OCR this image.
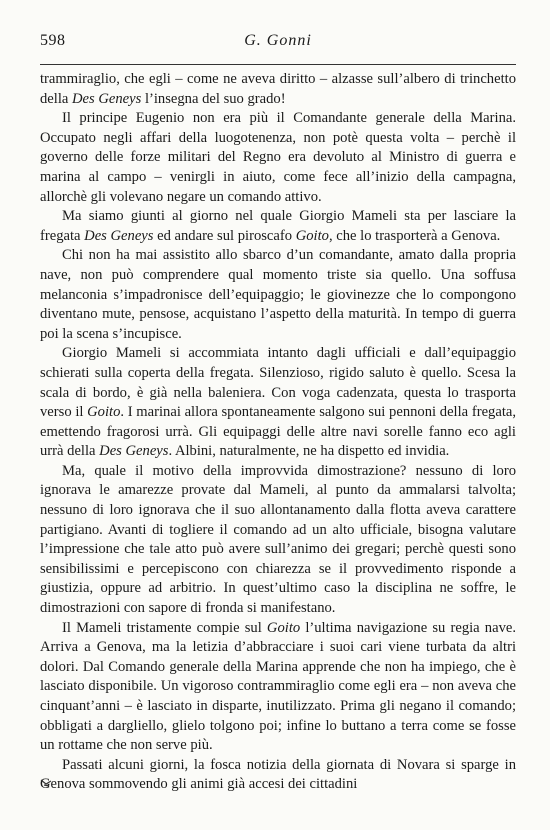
598	G. Gonni

trammiraglio, che egli – come ne aveva diritto – alzasse sull’albero di trinchetto della Des Geneys l’insegna del suo grado!

Il principe Eugenio non era più il Comandante generale della Marina. Occupato negli affari della luogotenenza, non potè questa volta – perchè il governo delle forze militari del Regno era devoluto al Ministro di guerra e marina al campo – venirgli in aiuto, come fece all’inizio della campagna, allorchè gli volevano negare un comando attivo.

Ma siamo giunti al giorno nel quale Giorgio Mameli sta per lasciare la fregata Des Geneys ed andare sul piroscafo Goito, che lo trasporterà a Genova.

Chi non ha mai assistito allo sbarco d’un comandante, amato dalla propria nave, non può comprendere qual momento triste sia quello. Una soffusa melanconia s’impadronisce dell’equipaggio; le giovinezze che lo compongono diventano mute, pensose, acquistano l’aspetto della maturità. In tempo di guerra poi la scena s’incupisce.

Giorgio Mameli si accommiata intanto dagli ufficiali e dall’equipaggio schierati sulla coperta della fregata. Silenzioso, rigido saluto è quello. Scesa la scala di bordo, è già nella baleniera. Con voga cadenzata, questa lo trasporta verso il Goito. I marinai allora spontaneamente salgono sui pennoni della fregata, emettendo fragorosi urrà. Gli equipaggi delle altre navi sorelle fanno eco agli urrà della Des Geneys. Albini, naturalmente, ne ha dispetto ed invidia.

Ma, quale il motivo della improvvida dimostrazione? nessuno di loro ignorava le amarezze provate dal Mameli, al punto da ammalarsi talvolta; nessuno di loro ignorava che il suo allontanamento dalla flotta aveva carattere partigiano. Avanti di togliere il comando ad un alto ufficiale, bisogna valutare l’impressione che tale atto può avere sull’animo dei gregari; perchè questi sono sensibilissimi e percepiscono con chiarezza se il provvedimento risponde a giustizia, oppure ad arbitrio. In quest’ultimo caso la disciplina ne soffre, le dimostrazioni con sapore di fronda si manifestano.

Il Mameli tristamente compie sul Goito l’ultima navigazione su regia nave. Arriva a Genova, ma la letizia d’abbracciare i suoi cari viene turbata da altri dolori. Dal Comando generale della Marina apprende che non ha impiego, che è lasciato disponibile. Un vigoroso contrammiraglio come egli era – non aveva che cinquant’anni – è lasciato in disparte, inutilizzato. Prima gli negano il comando; obbligati a dargliello, glielo tolgono poi; infine lo buttano a terra come se fosse un rottame che non serve più.

Passati alcuni giorni, la fosca notizia della giornata di Novara si sparge in Genova sommovendo gli animi già accesi dei cittadini
